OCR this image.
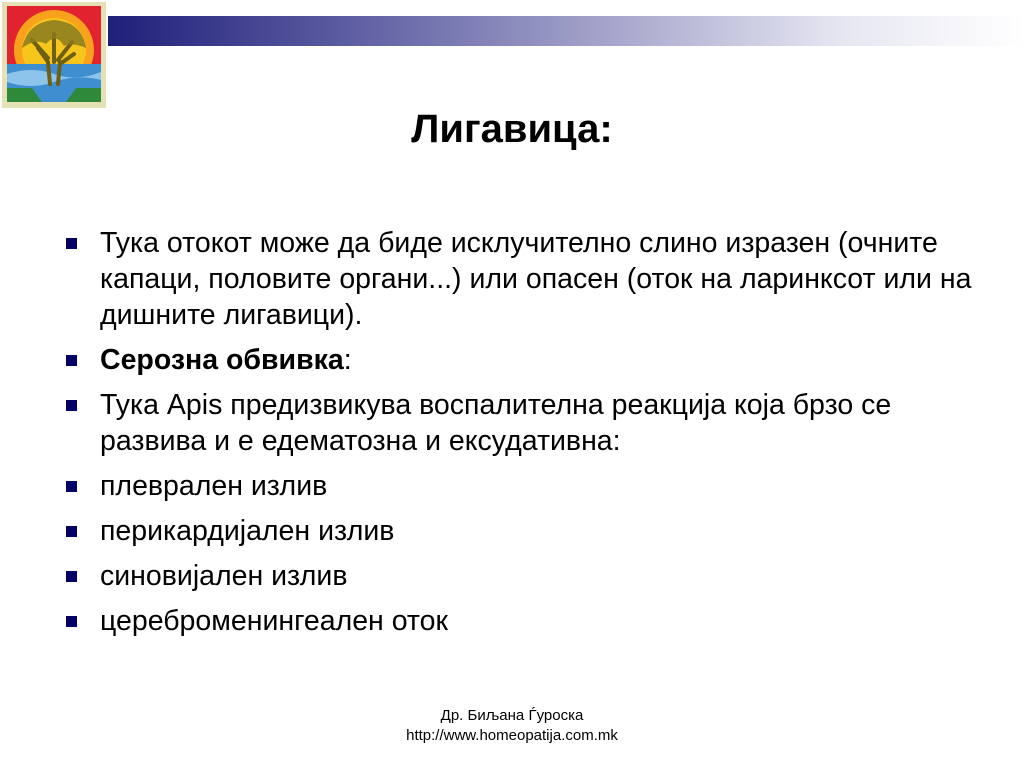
Лигавица:
Тука отокот може да биде исклучително слино изразен (очните капаци, половите органи...) или опасен (оток на ларинксот или на дишните лигавици).
Серозна обвивка:
Тука Apis предизвикува воспалителна реакција која брзо се развива и е едематозна и ексудативна:
плеврален излив
перикардијален излив
синовијален излив
цереброменингеален оток
Др. Биљана Ѓуроска
http://www.homeopatija.com.mk
